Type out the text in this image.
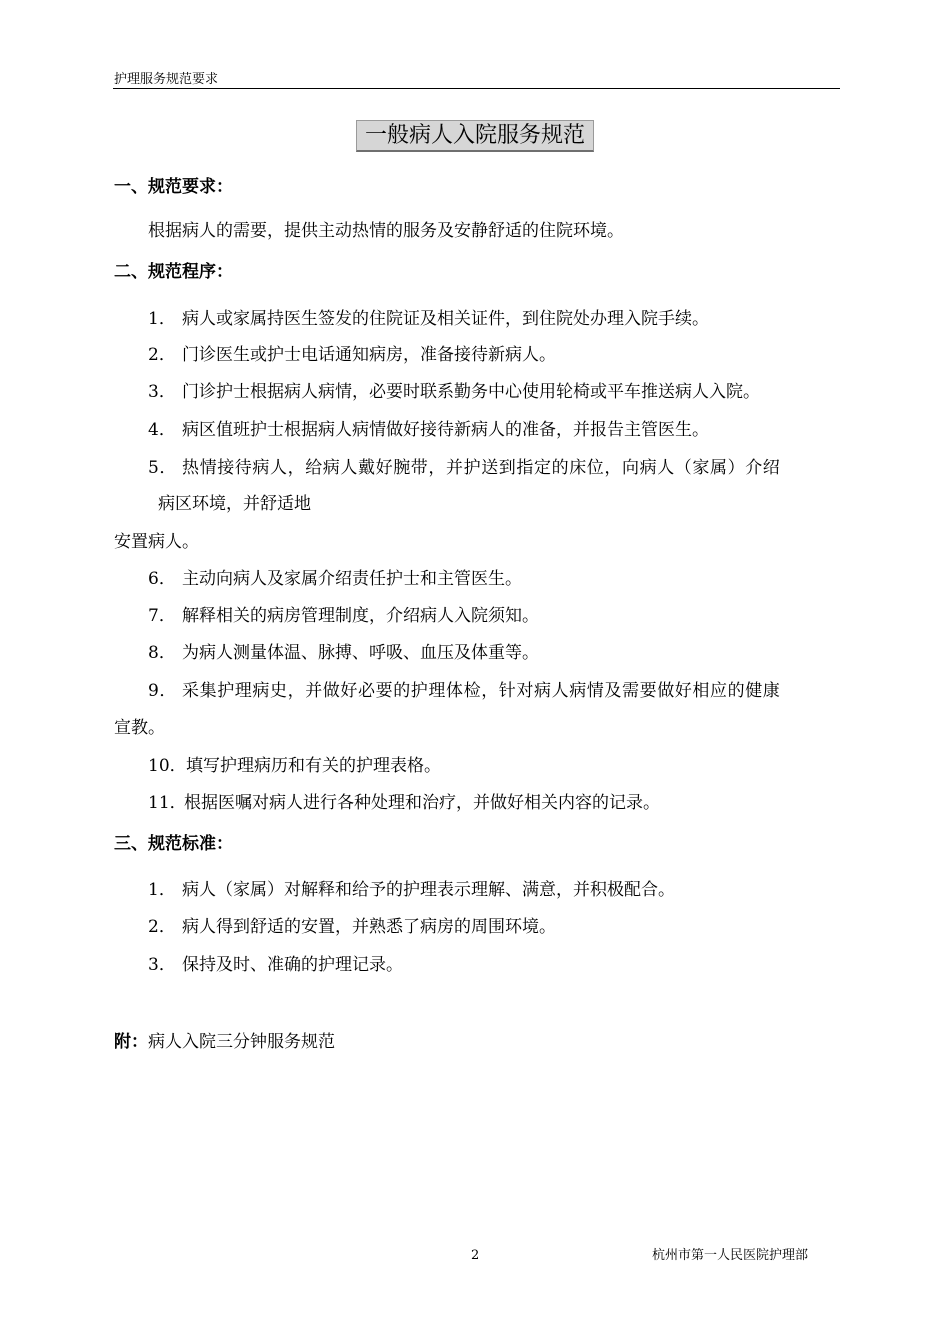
护理服务规范要求
一般病人入院服务规范
一、规范要求：
根据病人的需要，提供主动热情的服务及安静舒适的住院环境。
二、规范程序：
1． 病人或家属持医生签发的住院证及相关证件，到住院处办理入院手续。
2． 门诊医生或护士电话通知病房，准备接待新病人。
3． 门诊护士根据病人病情，必要时联系勤务中心使用轮椅或平车推送病人入院。
4． 病区值班护士根据病人病情做好接待新病人的准备，并报告主管医生。
5． 热情接待病人，给病人戴好腕带，并护送到指定的床位，向病人（家属）介绍
病区环境，并舒适地
安置病人。
6． 主动向病人及家属介绍责任护士和主管医生。
7． 解释相关的病房管理制度，介绍病人入院须知。
8． 为病人测量体温、脉搏、呼吸、血压及体重等。
9． 采集护理病史，并做好必要的护理体检，针对病人病情及需要做好相应的健康
宣教。
10．填写护理病历和有关的护理表格。
11．根据医嘱对病人进行各种处理和治疗，并做好相关内容的记录。
三、规范标准：
1． 病人（家属）对解释和给予的护理表示理解、满意，并积极配合。
2． 病人得到舒适的安置，并熟悉了病房的周围环境。
3． 保持及时、准确的护理记录。
附：病人入院三分钟服务规范
2	杭州市第一人民医院护理部
